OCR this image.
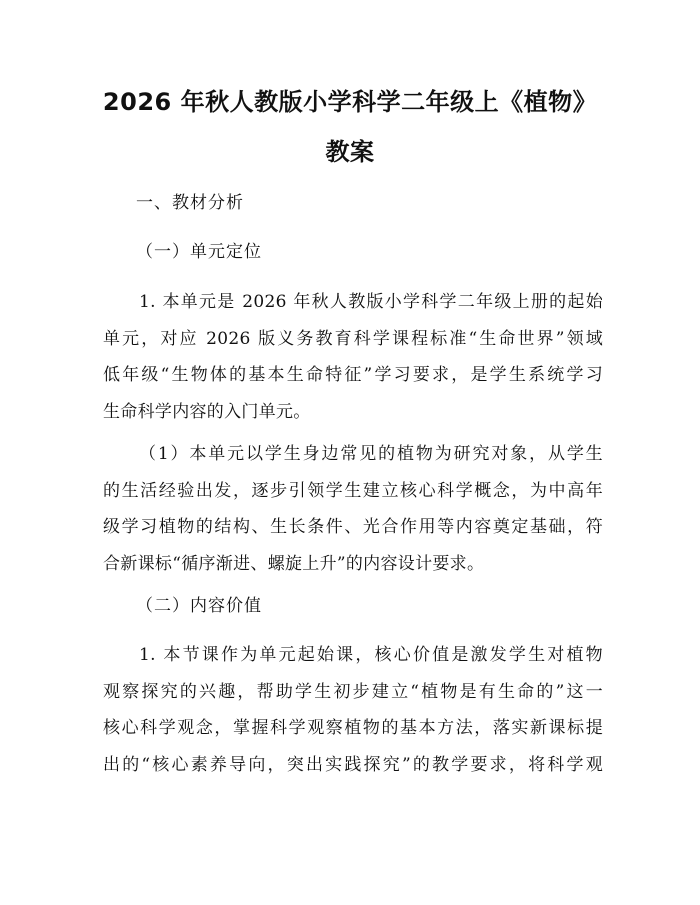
2026 年秋人教版小学科学二年级上《植物》
教案
一、教材分析
（一）单元定位
1. 本单元是 2026 年秋人教版小学科学二年级上册的起始
单元，对应 2026 版义务教育科学课程标准“生命世界”领域
低年级“生物体的基本生命特征”学习要求，是学生系统学习
生命科学内容的入门单元。
（1）本单元以学生身边常见的植物为研究对象，从学生
的生活经验出发，逐步引领学生建立核心科学概念，为中高年
级学习植物的结构、生长条件、光合作用等内容奠定基础，符
合新课标“循序渐进、螺旋上升”的内容设计要求。
（二）内容价值
1. 本节课作为单元起始课，核心价值是激发学生对植物
观察探究的兴趣，帮助学生初步建立“植物是有生命的”这一
核心科学观念，掌握科学观察植物的基本方法，落实新课标提
出的“核心素养导向，突出实践探究”的教学要求，将科学观
